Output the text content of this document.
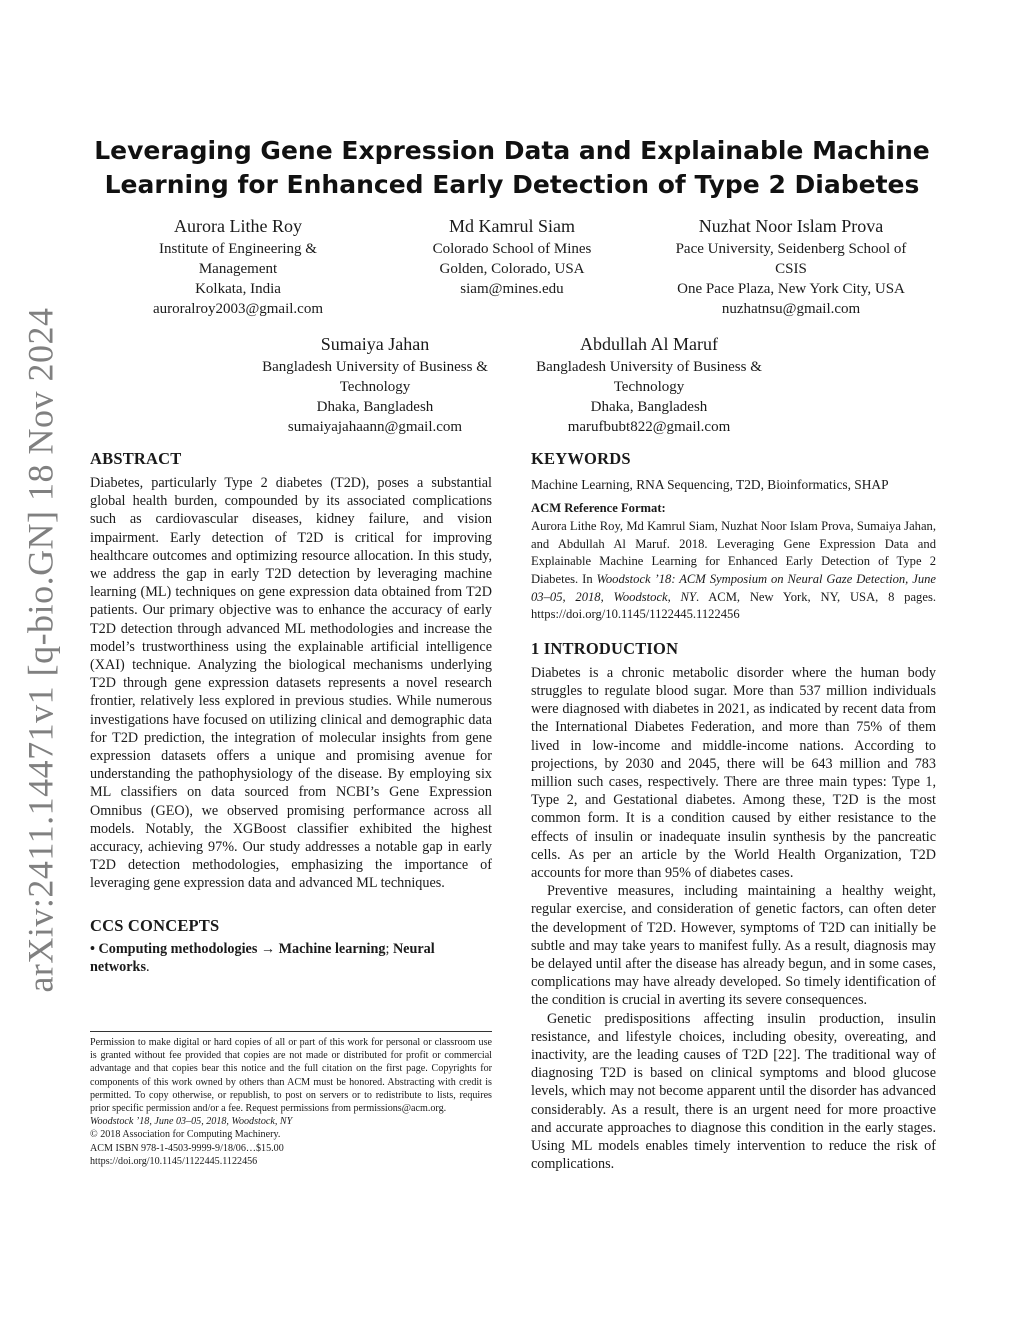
arXiv:2411.14471v1 [q-bio.GN] 18 Nov 2024
Leveraging Gene Expression Data and Explainable Machine
Learning for Enhanced Early Detection of Type 2 Diabetes
Aurora Lithe Roy
Institute of Engineering &
Management
Kolkata, India
auroralroy2003@gmail.com
Md Kamrul Siam
Colorado School of Mines
Golden, Colorado, USA
siam@mines.edu
Nuzhat Noor Islam Prova
Pace University, Seidenberg School of
CSIS
One Pace Plaza, New York City, USA
nuzhatnsu@gmail.com
Sumaiya Jahan
Bangladesh University of Business &
Technology
Dhaka, Bangladesh
sumaiyajahaann@gmail.com
Abdullah Al Maruf
Bangladesh University of Business &
Technology
Dhaka, Bangladesh
marufbubt822@gmail.com
ABSTRACT

Diabetes, particularly Type 2 diabetes (T2D), poses a substantial global health burden, compounded by its associated complications such as cardiovascular diseases, kidney failure, and vision impairment. Early detection of T2D is critical for improving healthcare outcomes and optimizing resource allocation. In this study, we address the gap in early T2D detection by leveraging machine learning (ML) techniques on gene expression data obtained from T2D patients. Our primary objective was to enhance the accuracy of early T2D detection through advanced ML methodologies and increase the model’s trustworthiness using the explainable artificial intelligence (XAI) technique. Analyzing the biological mechanisms underlying T2D through gene expression datasets represents a novel research frontier, relatively less explored in previous studies. While numerous investigations have focused on utilizing clinical and demographic data for T2D prediction, the integration of molecular insights from gene expression datasets offers a unique and promising avenue for understanding the pathophysiology of the disease. By employing six ML classifiers on data sourced from NCBI’s Gene Expression Omnibus (GEO), we observed promising performance across all models. Notably, the XGBoost classifier exhibited the highest accuracy, achieving 97%. Our study addresses a notable gap in early T2D detection methodologies, emphasizing the importance of leveraging gene expression data and advanced ML techniques.

CCS CONCEPTS

• Computing methodologies → Machine learning; Neural networks.

Permission to make digital or hard copies of all or part of this work for personal or classroom use is granted without fee provided that copies are not made or distributed for profit or commercial advantage and that copies bear this notice and the full citation on the first page. Copyrights for components of this work owned by others than ACM must be honored. Abstracting with credit is permitted. To copy otherwise, or republish, to post on servers or to redistribute to lists, requires prior specific permission and/or a fee. Request permissions from permissions@acm.org.
Woodstock ’18, June 03–05, 2018, Woodstock, NY
© 2018 Association for Computing Machinery.
ACM ISBN 978-1-4503-9999-9/18/06…$15.00
https://doi.org/10.1145/1122445.1122456
KEYWORDS

Machine Learning, RNA Sequencing, T2D, Bioinformatics, SHAP

ACM Reference Format:

Aurora Lithe Roy, Md Kamrul Siam, Nuzhat Noor Islam Prova, Sumaiya Jahan, and Abdullah Al Maruf. 2018. Leveraging Gene Expression Data and Explainable Machine Learning for Enhanced Early Detection of Type 2 Diabetes. In Woodstock ’18: ACM Symposium on Neural Gaze Detection, June 03–05, 2018, Woodstock, NY. ACM, New York, NY, USA, 8 pages. https://doi.org/10.1145/1122445.1122456

1 INTRODUCTION

Diabetes is a chronic metabolic disorder where the human body struggles to regulate blood sugar. More than 537 million individuals were diagnosed with diabetes in 2021, as indicated by recent data from the International Diabetes Federation, and more than 75% of them lived in low-income and middle-income nations. According to projections, by 2030 and 2045, there will be 643 million and 783 million such cases, respectively. There are three main types: Type 1, Type 2, and Gestational diabetes. Among these, T2D is the most common form. It is a condition caused by either resistance to the effects of insulin or inadequate insulin synthesis by the pancreatic cells. As per an article by the World Health Organization, T2D accounts for more than 95% of diabetes cases.

Preventive measures, including maintaining a healthy weight, regular exercise, and consideration of genetic factors, can often deter the development of T2D. However, symptoms of T2D can initially be subtle and may take years to manifest fully. As a result, diagnosis may be delayed until after the disease has already begun, and in some cases, complications may have already developed. So timely identification of the condition is crucial in averting its severe consequences.

Genetic predispositions affecting insulin production, insulin resistance, and lifestyle choices, including obesity, overeating, and inactivity, are the leading causes of T2D [22]. The traditional way of diagnosing T2D is based on clinical symptoms and blood glucose levels, which may not become apparent until the disorder has advanced considerably. As a result, there is an urgent need for more proactive and accurate approaches to diagnose this condition in the early stages. Using ML models enables timely intervention to reduce the risk of complications.
